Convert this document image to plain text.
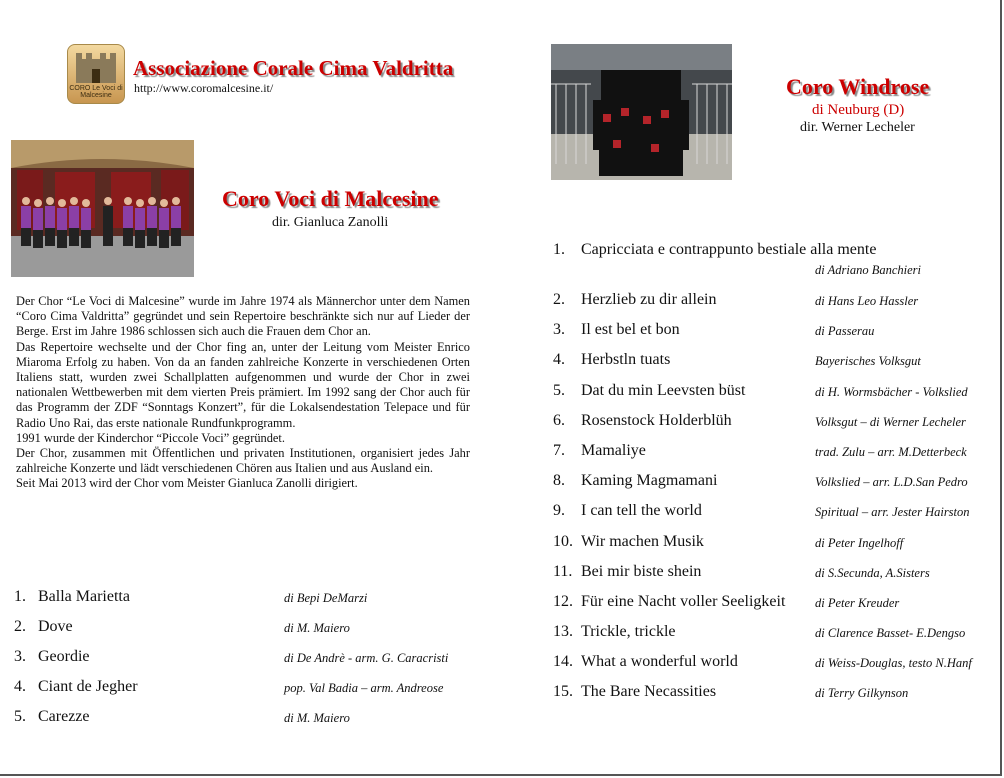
CORO Le Voci di Malcesine
Associazione Corale Cima Valdritta
http://www.coromalcesine.it/
Coro Voci di Malcesine
dir. Gianluca Zanolli
Coro Windrose
di Neuburg (D)
dir. Werner Lecheler

Der Chor “Le Voci di Malcesine” wurde im Jahre 1974 als Männerchor unter dem Namen “Coro Cima Valdritta” gegründet und sein Repertoire beschränkte sich nur auf Lieder der Berge. Erst im Jahre 1986 schlossen sich auch die Frauen dem Chor an.

Das Repertoire wechselte und der Chor fing an, unter der Leitung vom Meister Enrico Miaroma Erfolg zu haben. Von da an fanden zahlreiche Konzerte in verschiedenen Orten Italiens statt, wurden zwei Schallplatten aufgenommen und wurde der Chor in zwei nationalen Wettbewerben mit dem vierten Preis prämiert. Im 1992 sang der Chor auch für das Programm der ZDF “Sonntags Konzert”, für die Lokalsendestation Telepace und für Radio Uno Rai, das erste nationale Rundfunkprogramm.

1991 wurde der Kinderchor “Piccole Voci” gegründet.

Der Chor, zusammen mit Öffentlichen und privaten Institutionen, organisiert jedes Jahr zahlreiche Konzerte und lädt verschiedenen Chören aus Italien und aus Ausland ein.

Seit Mai 2013 wird der Chor vom Meister Gianluca Zanolli dirigiert.

1. Balla Marietta	di Bepi DeMarzi
2. Dove	di M. Maiero
3. Geordie	di De Andrè - arm. G. Caracristi
4. Ciant de Jegher	pop. Val Badia – arm. Andreose
5. Carezze	di M. Maiero
1. Capricciata e contrappunto bestiale alla mente
di Adriano Banchieri
2. Herzlieb zu dir allein	di Hans Leo Hassler
3. Il est bel et bon	di Passerau
4. Herbstln tuats	Bayerisches Volksgut
5. Dat du min Leevsten büst	di H. Wormsbächer - Volkslied
6. Rosenstock Holderblüh	Volksgut – di Werner Lecheler
7. Mamaliye	trad. Zulu – arr. M.Detterbeck
8. Kaming Magmamani	Volkslied – arr. L.D.San Pedro
9. I can tell the world	Spiritual – arr. Jester Hairston
10. Wir machen Musik	di Peter Ingelhoff
11. Bei mir biste shein	di S.Secunda, A.Sisters
12. Für eine Nacht voller Seeligkeit di Peter Kreuder
13. Trickle, trickle	di Clarence Basset- E.Dengso
14. What a wonderful world	di Weiss-Douglas, testo N.Hanf
15. The Bare Necassities	di Terry Gilkynson
